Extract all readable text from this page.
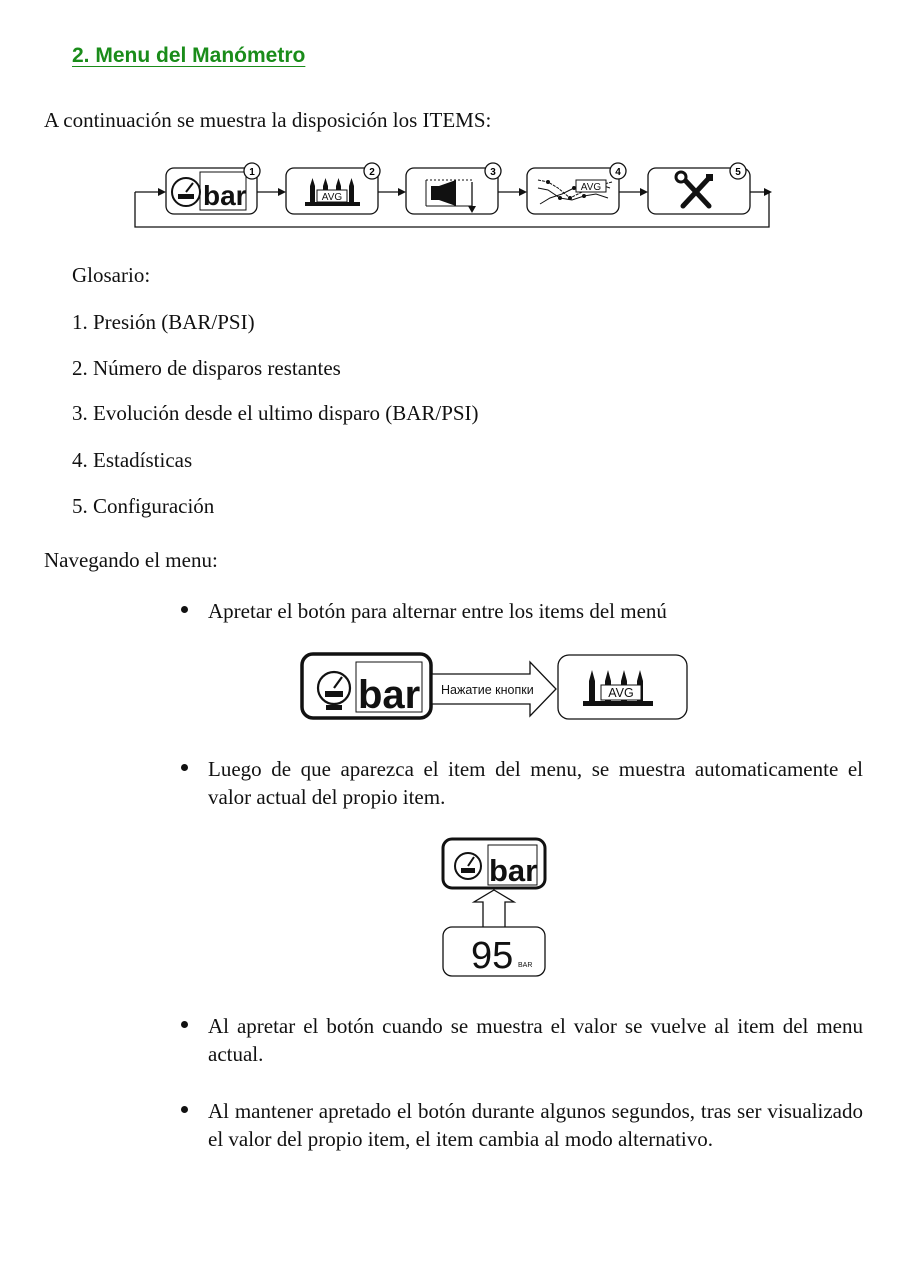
2. Menu del Manómetro
A continuación se muestra la disposición los ITEMS:
bar
1
AVG
2	3
AVG
4	5
Glosario:
1. Presión (BAR/PSI)
2. Número de disparos restantes
3. Evolución desde el ultimo disparo (BAR/PSI)
4. Estadísticas
5. Configuración
Navegando el menu:
Apretar el botón para alternar entre los items del menú
bar Нажатие кнопки	AVG
Luego de que aparezca el item del menu, se muestra automaticamente el valor actual del propio item.
bar
95 BAR
Al apretar el botón cuando se muestra el valor se vuelve al item del menu actual.
Al mantener apretado el botón durante algunos segundos, tras ser visualizado el valor del propio item, el item cambia al modo alternativo.
